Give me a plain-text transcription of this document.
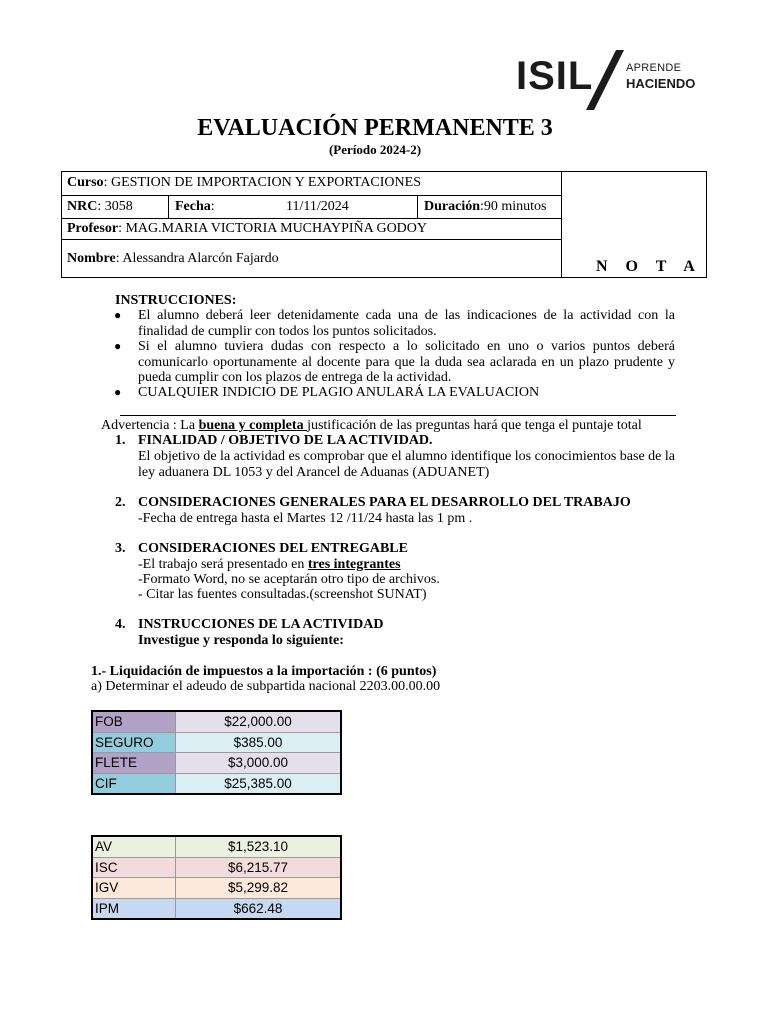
ISIL	APRENDE
HACIENDO
EVALUACIÓN PERMANENTE 3
(Período 2024-2)
Curso: GESTION DE IMPORTACION Y EXPORTACIONES
NRC: 3058	Fecha:	11/11/2024	Duración:90 minutos
Profesor: MAG.MARIA VICTORIA MUCHAYPIÑA GODOY
Nombre: Alessandra Alarcón Fajardo	N O T A
INSTRUCCIONES:
● El alumno deberá leer detenidamente cada una de las indicaciones de la actividad con la finalidad de cumplir con todos los puntos solicitados.
● Si el alumno tuviera dudas con respecto a lo solicitado en uno o varios puntos deberá comunicarlo oportunamente al docente para que la duda sea aclarada en un plazo prudente y pueda cumplir con los plazos de entrega de la actividad.
● CUALQUIER INDICIO DE PLAGIO ANULARÁ LA EVALUACION
Advertencia : La buena y completa justificación de las preguntas hará que tenga el puntaje total
1. FINALIDAD / OBJETIVO DE LA ACTIVIDAD.
El objetivo de la actividad es comprobar que el alumno identifique los conocimientos base de la ley aduanera DL 1053 y del Arancel de Aduanas (ADUANET)
2. CONSIDERACIONES GENERALES PARA EL DESARROLLO DEL TRABAJO
-Fecha de entrega hasta el Martes 12 /11/24 hasta las 1 pm .
3. CONSIDERACIONES DEL ENTREGABLE
-El trabajo será presentado en tres integrantes
-Formato Word, no se aceptarán otro tipo de archivos.
- Citar las fuentes consultadas.(screenshot SUNAT)
4. INSTRUCCIONES DE LA ACTIVIDAD
Investigue y responda lo siguiente:
1.- Liquidación de impuestos a la importación : (6 puntos)
a) Determinar el adeudo de subpartida nacional 2203.00.00.00
FOB	$22,000.00
SEGURO	$385.00
FLETE	$3,000.00
CIF	$25,385.00
AV	$1,523.10
ISC	$6,215.77
IGV	$5,299.82
IPM	$662.48
